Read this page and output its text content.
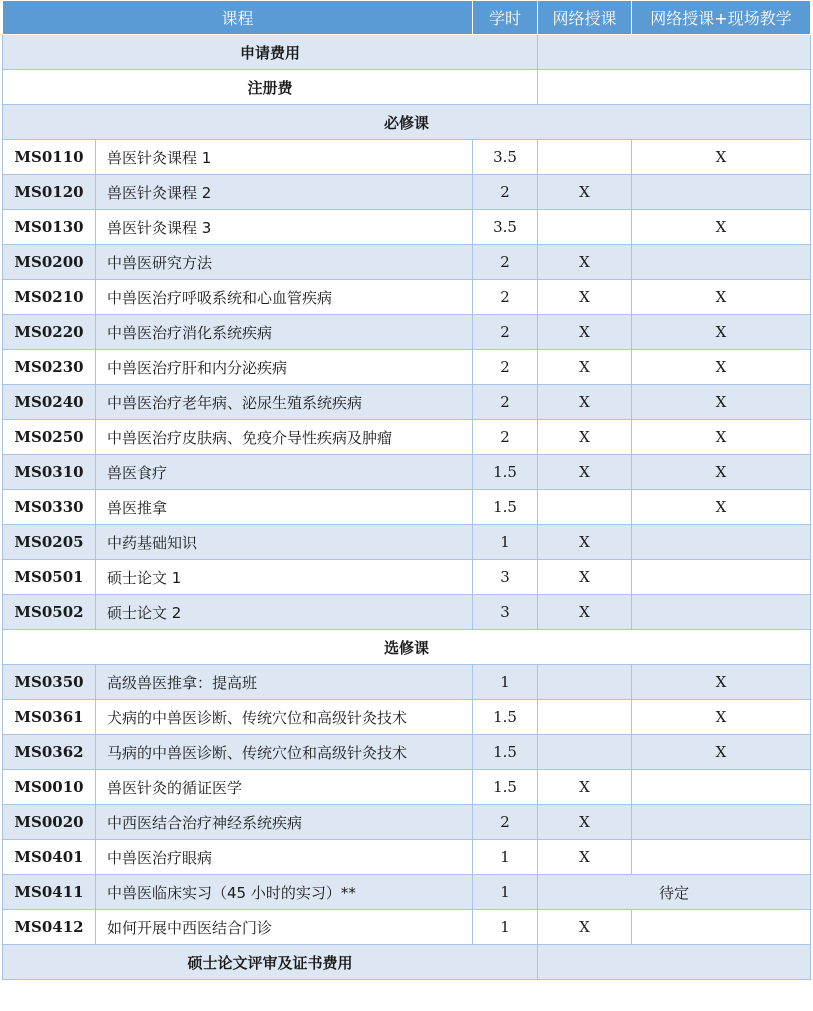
课程		学时	网络授课	网络授课+现场教学
申请费用				
注册费				
必修课				
MS0110	兽医针灸课程 1	3.5		X
MS0120	兽医针灸课程 2	2	X	
MS0130	兽医针灸课程 3	3.5		X
MS0200	中兽医研究方法	2	X	
MS0210	中兽医治疗呼吸系统和心血管疾病	2	X	X
MS0220	中兽医治疗消化系统疾病	2	X	X
MS0230	中兽医治疗肝和内分泌疾病	2	X	X
MS0240	中兽医治疗老年病、泌尿生殖系统疾病	2	X	X
MS0250	中兽医治疗皮肤病、免疫介导性疾病及肿瘤	2	X	X
MS0310	兽医食疗	1.5	X	X
MS0330	兽医推拿	1.5		X
MS0205	中药基础知识	1	X	
MS0501	硕士论文 1	3	X	
MS0502	硕士论文 2	3	X	
选修课				
MS0350	高级兽医推拿：提高班	1		X
MS0361	犬病的中兽医诊断、传统穴位和高级针灸技术	1.5		X
MS0362	马病的中兽医诊断、传统穴位和高级针灸技术	1.5		X
MS0010	兽医针灸的循证医学	1.5	X	
MS0020	中西医结合治疗神经系统疾病	2	X	
MS0401	中兽医治疗眼病	1	X	
MS0411	中兽医临床实习（45 小时的实习）**	1	待定	
MS0412	如何开展中西医结合门诊	1	X	
硕士论文评审及证书费用				
